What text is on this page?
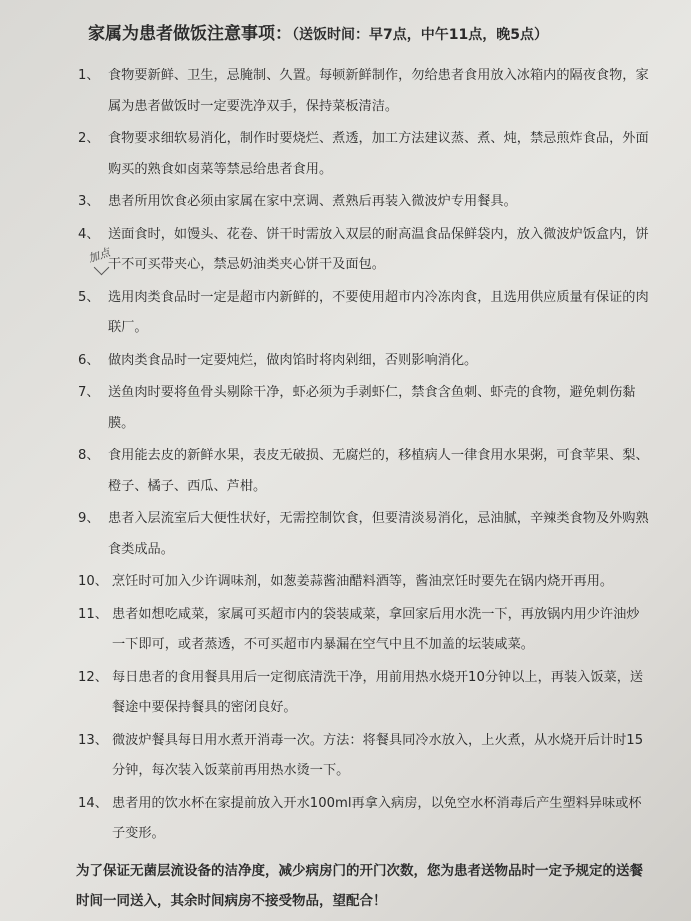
家属为患者做饭注意事项：（送饭时间：早7点，中午11点，晚5点）
1、 食物要新鲜、卫生，忌腌制、久置。每顿新鲜制作，勿给患者食用放入冰箱内的隔夜食物，家属为患者做饭时一定要洗净双手，保持菜板清洁。
2、 食物要求细软易消化，制作时要烧烂、煮透，加工方法建议蒸、煮、炖，禁忌煎炸食品，外面购买的熟食如卤菜等禁忌给患者食用。
3、 患者所用饮食必须由家属在家中烹调、煮熟后再装入微波炉专用餐具。
4、 送面食时，如馒头、花卷、饼干时需放入双层的耐高温食品保鲜袋内，放入微波炉饭盒内，饼干不可买带夹心，禁忌奶油类夹心饼干及面包。
5、 选用肉类食品时一定是超市内新鲜的，不要使用超市内冷冻肉食，且选用供应质量有保证的肉联厂。
6、 做肉类食品时一定要炖烂，做肉馅时将肉剁细，否则影响消化。
7、 送鱼肉时要将鱼骨头剔除干净，虾必须为手剥虾仁，禁食含鱼刺、虾壳的食物，避免刺伤黏膜。
8、 食用能去皮的新鲜水果，表皮无破损、无腐烂的，移植病人一律食用水果粥，可食苹果、梨、橙子、橘子、西瓜、芦柑。
9、 患者入层流室后大便性状好，无需控制饮食，但要清淡易消化，忌油腻，辛辣类食物及外购熟食类成品。
10、 烹饪时可加入少许调味剂，如葱姜蒜酱油醋料酒等，酱油烹饪时要先在锅内烧开再用。
11、 患者如想吃咸菜，家属可买超市内的袋装咸菜，拿回家后用水洗一下，再放锅内用少许油炒一下即可，或者蒸透，不可买超市内暴漏在空气中且不加盖的坛装咸菜。
12、 每日患者的食用餐具用后一定彻底清洗干净，用前用热水烧开10分钟以上，再装入饭菜，送餐途中要保持餐具的密闭良好。
13、 微波炉餐具每日用水煮开消毒一次。方法：将餐具同冷水放入，上火煮，从水烧开后计时15分钟，每次装入饭菜前再用热水烫一下。
14、 患者用的饮水杯在家提前放入开水100ml再拿入病房，以免空水杯消毒后产生塑料异味或杯子变形。
为了保证无菌层流设备的洁净度，减少病房门的开门次数，您为患者送物品时一定予规定的送餐时间一同送入，其余时间病房不接受物品，望配合！
加点
